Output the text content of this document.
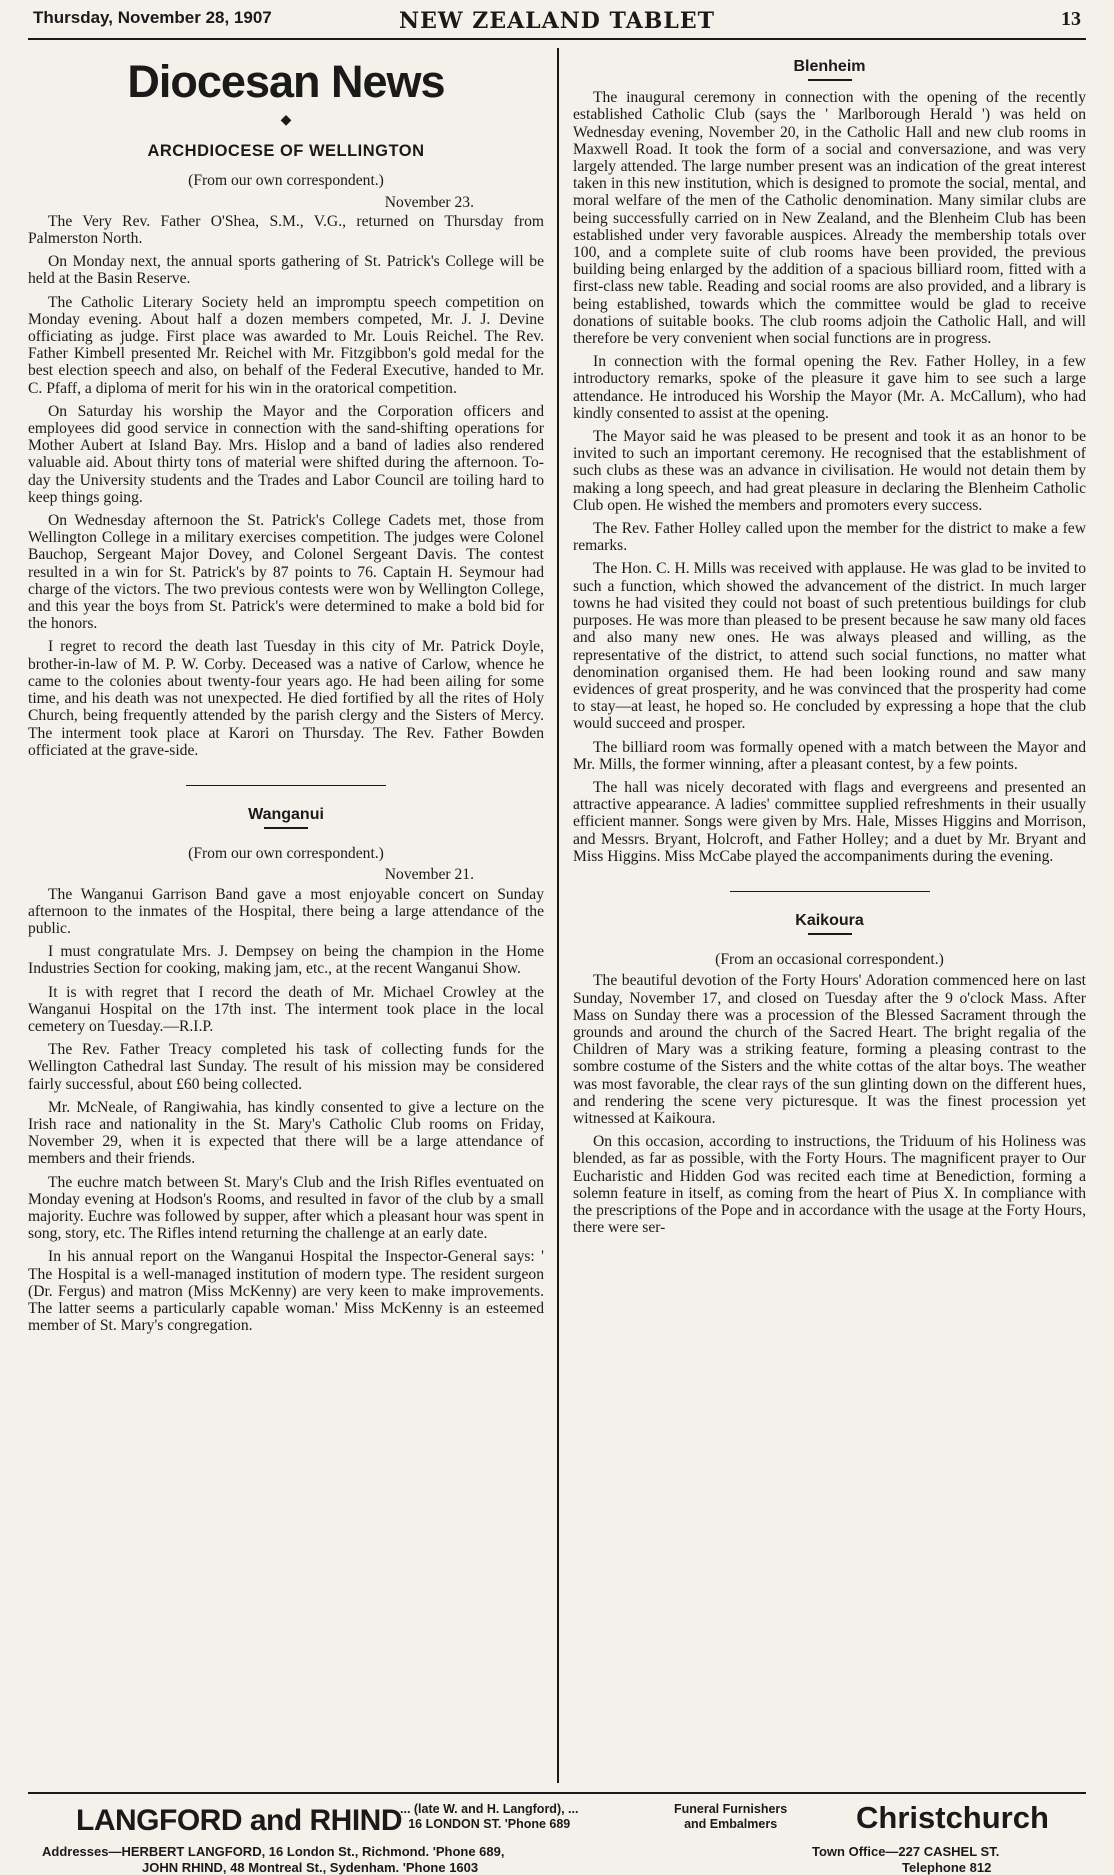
Thursday, November 28, 1907	NEW ZEALAND TABLET	13
Diocesan News
◆
ARCHDIOCESE OF WELLINGTON
(From our own correspondent.)
November 23.

The Very Rev. Father O'Shea, S.M., V.G., returned on Thursday from Palmerston North.

On Monday next, the annual sports gathering of St. Patrick's College will be held at the Basin Reserve.

The Catholic Literary Society held an impromptu speech competition on Monday evening. About half a dozen members competed, Mr. J. J. Devine officiating as judge. First place was awarded to Mr. Louis Reichel. The Rev. Father Kimbell presented Mr. Reichel with Mr. Fitzgibbon's gold medal for the best election speech and also, on behalf of the Federal Executive, handed to Mr. C. Pfaff, a diploma of merit for his win in the oratorical competition.

On Saturday his worship the Mayor and the Corporation officers and employees did good service in connection with the sand-shifting operations for Mother Aubert at Island Bay. Mrs. Hislop and a band of ladies also rendered valuable aid. About thirty tons of material were shifted during the afternoon. To-day the University students and the Trades and Labor Council are toiling hard to keep things going.

On Wednesday afternoon the St. Patrick's College Cadets met, those from Wellington College in a military exercises competition. The judges were Colonel Bauchop, Sergeant Major Dovey, and Colonel Sergeant Davis. The contest resulted in a win for St. Patrick's by 87 points to 76. Captain H. Seymour had charge of the victors. The two previous contests were won by Wellington College, and this year the boys from St. Patrick's were determined to make a bold bid for the honors.

I regret to record the death last Tuesday in this city of Mr. Patrick Doyle, brother-in-law of M. P. W. Corby. Deceased was a native of Carlow, whence he came to the colonies about twenty-four years ago. He had been ailing for some time, and his death was not unexpected. He died fortified by all the rites of Holy Church, being frequently attended by the parish clergy and the Sisters of Mercy. The interment took place at Karori on Thursday. The Rev. Father Bowden officiated at the grave-side.

Wanganui
(From our own correspondent.)
November 21.

The Wanganui Garrison Band gave a most enjoyable concert on Sunday afternoon to the inmates of the Hospital, there being a large attendance of the public.

I must congratulate Mrs. J. Dempsey on being the champion in the Home Industries Section for cooking, making jam, etc., at the recent Wanganui Show.

It is with regret that I record the death of Mr. Michael Crowley at the Wanganui Hospital on the 17th inst. The interment took place in the local cemetery on Tuesday.—R.I.P.

The Rev. Father Treacy completed his task of collecting funds for the Wellington Cathedral last Sunday. The result of his mission may be considered fairly successful, about £60 being collected.

Mr. McNeale, of Rangiwahia, has kindly consented to give a lecture on the Irish race and nationality in the St. Mary's Catholic Club rooms on Friday, November 29, when it is expected that there will be a large attendance of members and their friends.

The euchre match between St. Mary's Club and the Irish Rifles eventuated on Monday evening at Hodson's Rooms, and resulted in favor of the club by a small majority. Euchre was followed by supper, after which a pleasant hour was spent in song, story, etc. The Rifles intend returning the challenge at an early date.

In his annual report on the Wanganui Hospital the Inspector-General says: ' The Hospital is a well-managed institution of modern type. The resident surgeon (Dr. Fergus) and matron (Miss McKenny) are very keen to make improvements. The latter seems a particularly capable woman.' Miss McKenny is an esteemed member of St. Mary's congregation.

Blenheim

The inaugural ceremony in connection with the opening of the recently established Catholic Club (says the ' Marlborough Herald ') was held on Wednesday evening, November 20, in the Catholic Hall and new club rooms in Maxwell Road. It took the form of a social and conversazione, and was very largely attended. The large number present was an indication of the great interest taken in this new institution, which is designed to promote the social, mental, and moral welfare of the men of the Catholic denomination. Many similar clubs are being successfully carried on in New Zealand, and the Blenheim Club has been established under very favorable auspices. Already the membership totals over 100, and a complete suite of club rooms have been provided, the previous building being enlarged by the addition of a spacious billiard room, fitted with a first-class new table. Reading and social rooms are also provided, and a library is being established, towards which the committee would be glad to receive donations of suitable books. The club rooms adjoin the Catholic Hall, and will therefore be very convenient when social functions are in progress.

In connection with the formal opening the Rev. Father Holley, in a few introductory remarks, spoke of the pleasure it gave him to see such a large attendance. He introduced his Worship the Mayor (Mr. A. McCallum), who had kindly consented to assist at the opening.

The Mayor said he was pleased to be present and took it as an honor to be invited to such an important ceremony. He recognised that the establishment of such clubs as these was an advance in civilisation. He would not detain them by making a long speech, and had great pleasure in declaring the Blenheim Catholic Club open. He wished the members and promoters every success.

The Rev. Father Holley called upon the member for the district to make a few remarks.

The Hon. C. H. Mills was received with applause. He was glad to be invited to such a function, which showed the advancement of the district. In much larger towns he had visited they could not boast of such pretentious buildings for club purposes. He was more than pleased to be present because he saw many old faces and also many new ones. He was always pleased and willing, as the representative of the district, to attend such social functions, no matter what denomination organised them. He had been looking round and saw many evidences of great prosperity, and he was convinced that the prosperity had come to stay—at least, he hoped so. He concluded by expressing a hope that the club would succeed and prosper.

The billiard room was formally opened with a match between the Mayor and Mr. Mills, the former winning, after a pleasant contest, by a few points.

The hall was nicely decorated with flags and evergreens and presented an attractive appearance. A ladies' committee supplied refreshments in their usually efficient manner. Songs were given by Mrs. Hale, Misses Higgins and Morrison, and Messrs. Bryant, Holcroft, and Father Holley; and a duet by Mr. Bryant and Miss Higgins. Miss McCabe played the accompaniments during the evening.

Kaikoura
(From an occasional correspondent.)

The beautiful devotion of the Forty Hours' Adoration commenced here on last Sunday, November 17, and closed on Tuesday after the 9 o'clock Mass. After Mass on Sunday there was a procession of the Blessed Sacrament through the grounds and around the church of the Sacred Heart. The bright regalia of the Children of Mary was a striking feature, forming a pleasing contrast to the sombre costume of the Sisters and the white cottas of the altar boys. The weather was most favorable, the clear rays of the sun glinting down on the different hues, and rendering the scene very picturesque. It was the finest procession yet witnessed at Kaikoura.

On this occasion, according to instructions, the Triduum of his Holiness was blended, as far as possible, with the Forty Hours. The magnificent prayer to Our Eucharistic and Hidden God was recited each time at Benediction, forming a solemn feature in itself, as coming from the heart of Pius X. In compliance with the prescriptions of the Pope and in accordance with the usage at the Forty Hours, there were ser-

LANGFORD and RHIND
... (late W. and H. Langford), ...
16 LONDON ST. 'Phone 689
Funeral Furnishers
and Embalmers	Christchurch
Addresses—HERBERT LANGFORD, 16 London St., Richmond. 'Phone 689,
JOHN RHIND, 48 Montreal St., Sydenham. 'Phone 1603
Town Office—227 CASHEL ST.
Telephone 812
